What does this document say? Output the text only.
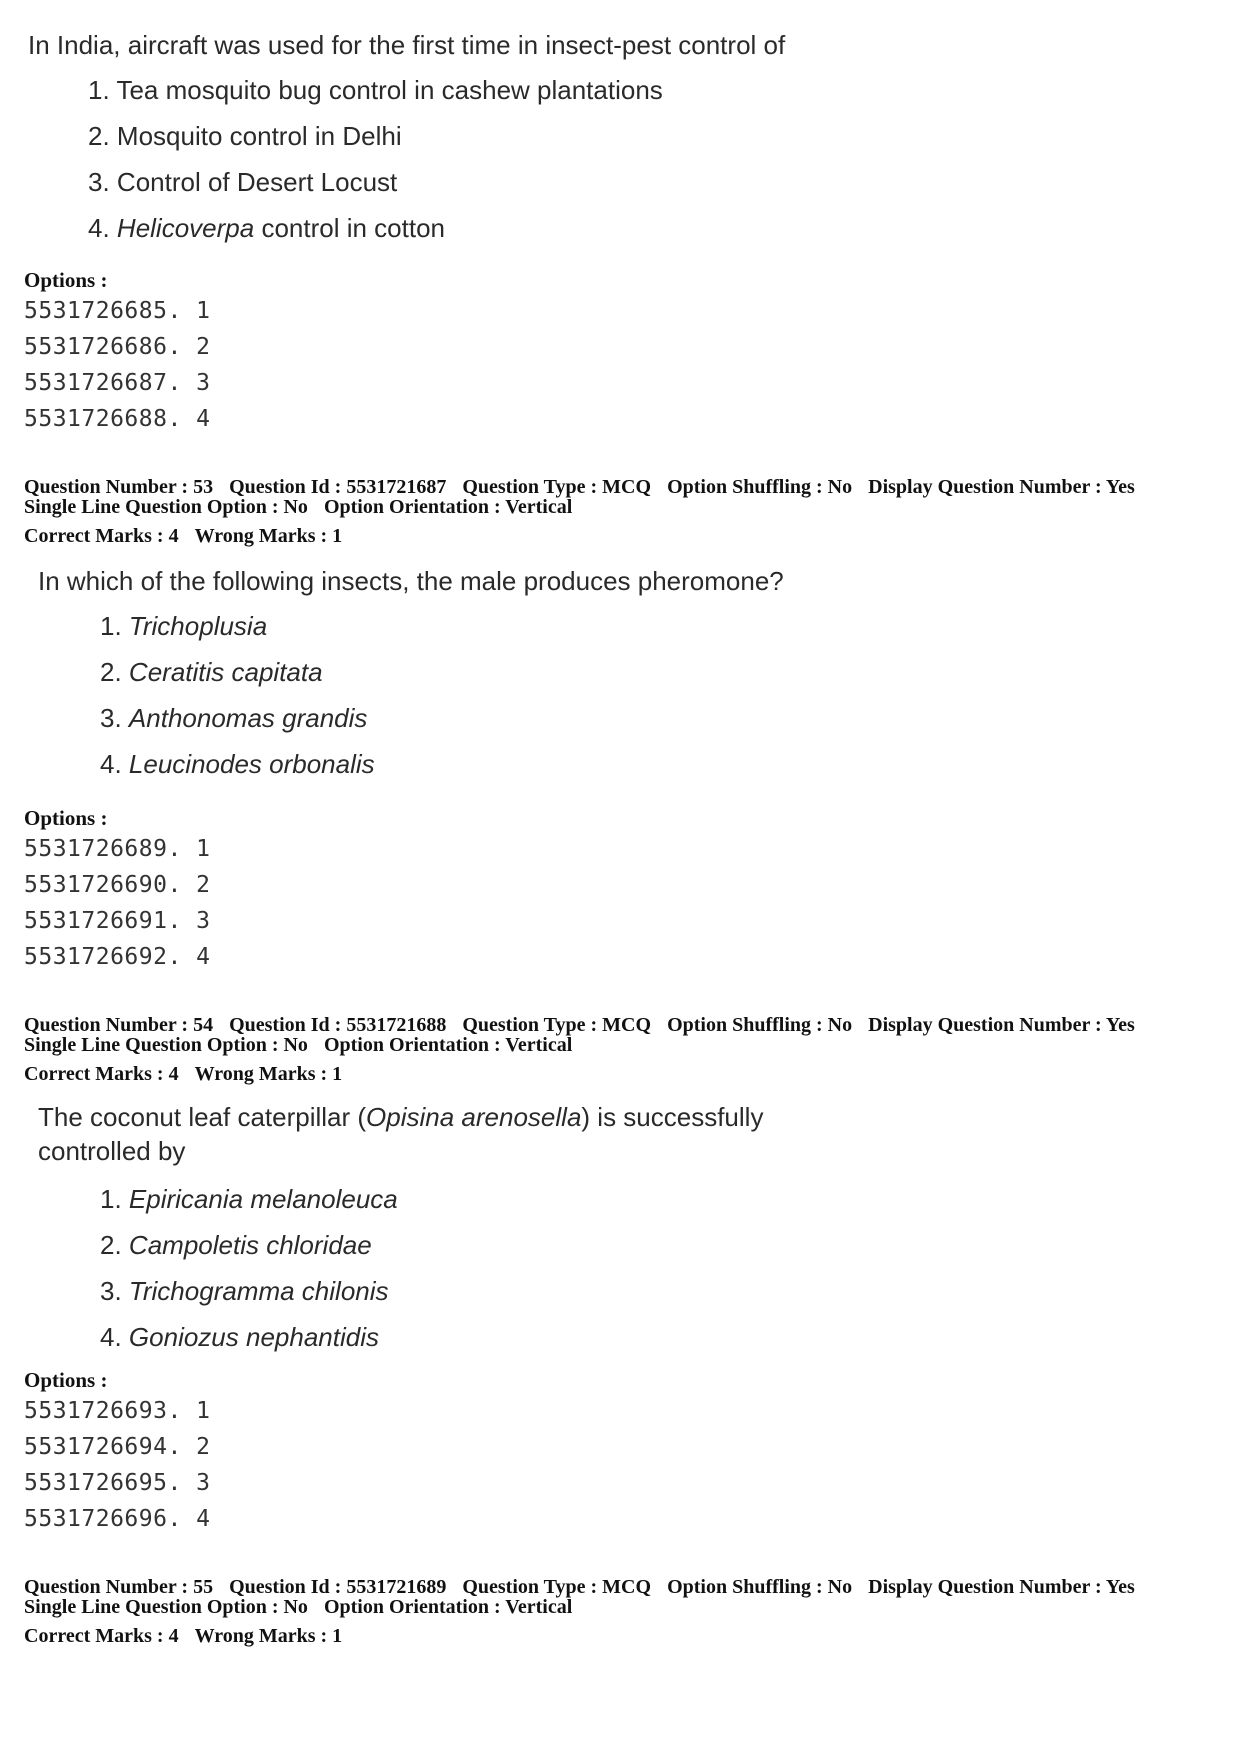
In India, aircraft was used for the first time in insect-pest control of
1. Tea mosquito bug control in cashew plantations
2. Mosquito control in Delhi
3. Control of Desert Locust
4. Helicoverpa control in cotton
Options :
5531726685. 1
5531726686. 2
5531726687. 3
5531726688. 4
Question Number : 53 Question Id : 5531721687 Question Type : MCQ Option Shuffling : No Display Question Number : Yes
Single Line Question Option : No Option Orientation : Vertical
Correct Marks : 4 Wrong Marks : 1
In which of the following insects, the male produces pheromone?
1. Trichoplusia
2. Ceratitis capitata
3. Anthonomas grandis
4. Leucinodes orbonalis
Options :
5531726689. 1
5531726690. 2
5531726691. 3
5531726692. 4
Question Number : 54 Question Id : 5531721688 Question Type : MCQ Option Shuffling : No Display Question Number : Yes
Single Line Question Option : No Option Orientation : Vertical
Correct Marks : 4 Wrong Marks : 1
The coconut leaf caterpillar (Opisina arenosella) is successfully controlled by
1. Epiricania melanoleuca
2. Campoletis chloridae
3. Trichogramma chilonis
4. Goniozus nephantidis
Options :
5531726693. 1
5531726694. 2
5531726695. 3
5531726696. 4
Question Number : 55 Question Id : 5531721689 Question Type : MCQ Option Shuffling : No Display Question Number : Yes
Single Line Question Option : No Option Orientation : Vertical
Correct Marks : 4 Wrong Marks : 1
